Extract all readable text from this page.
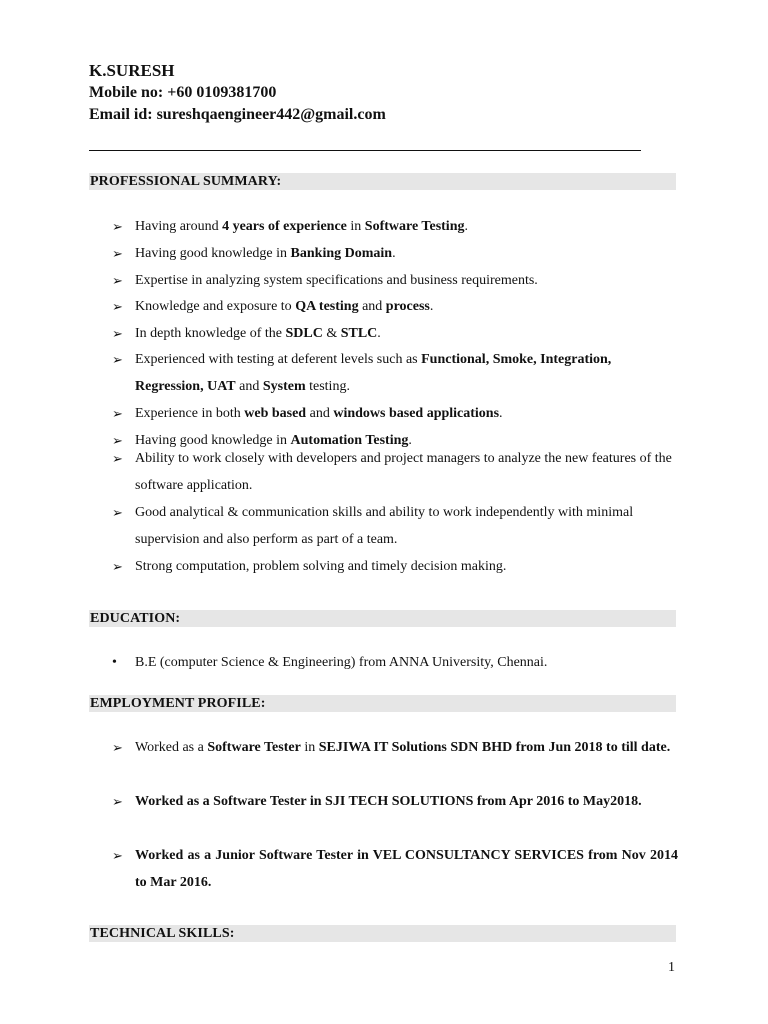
K.SURESH

Mobile no: +60 0109381700

Email id: sureshqaengineer442@gmail.com

PROFESSIONAL SUMMARY:
➢ Having around 4 years of experience in Software Testing.
➢ Having good knowledge in Banking Domain.
➢ Expertise in analyzing system specifications and business requirements.
➢ Knowledge and exposure to QA testing and process.
➢ In depth knowledge of the SDLC & STLC.
➢ Experienced with testing at deferent levels such as Functional, Smoke, Integration, Regression, UAT and System testing.
➢ Experience in both web based and windows based applications.
➢ Having good knowledge in Automation Testing.
➢ Ability to work closely with developers and project managers to analyze the new features of the software application.
➢ Good analytical & communication skills and ability to work independently with minimal supervision and also perform as part of a team.
➢ Strong computation, problem solving and timely decision making.
EDUCATION:
•	B.E (computer Science & Engineering) from ANNA University, Chennai.
EMPLOYMENT PROFILE:
➢ Worked as a Software Tester in SEJIWA IT Solutions SDN BHD from Jun 2018 to till date.
➢ Worked as a Software Tester in SJI TECH SOLUTIONS from Apr 2016 to May2018.
➢ Worked as a Junior Software Tester in VEL CONSULTANCY SERVICES from Nov 2014 to Mar 2016.
TECHNICAL SKILLS:
1
